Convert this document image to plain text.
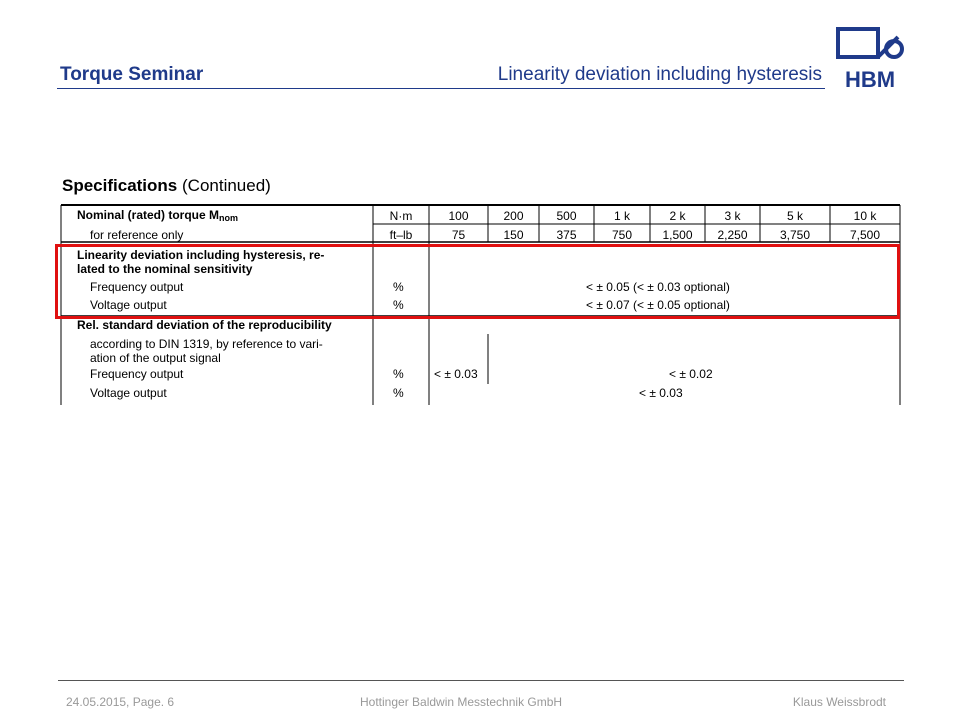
Torque Seminar	Linearity deviation including hysteresis HBM
Specifications (Continued)
Nominal (rated) torque $M_{nom}$	N·m	100	200	500	1 k	2 k	3 k	5 k	10 k
for reference only	ft–lb	75	150	375	750	1,500	2,250	3,750	7,500
Linearity deviation including hysteresis, re-
lated to the nominal sensitivity
Frequency output	%	< ± 0.05 (< ± 0.03 optional)
Voltage output	%	< ± 0.07 (< ± 0.05 optional)
Rel. standard deviation of the reproducibility
according to DIN 1319, by reference to vari-
ation of the output signal
Frequency output	%	< ± 0.03	< ± 0.02
Voltage output	%	< ± 0.03
24.05.2015, Page. 6	Hottinger Baldwin Messtechnik GmbH	Klaus Weissbrodt
